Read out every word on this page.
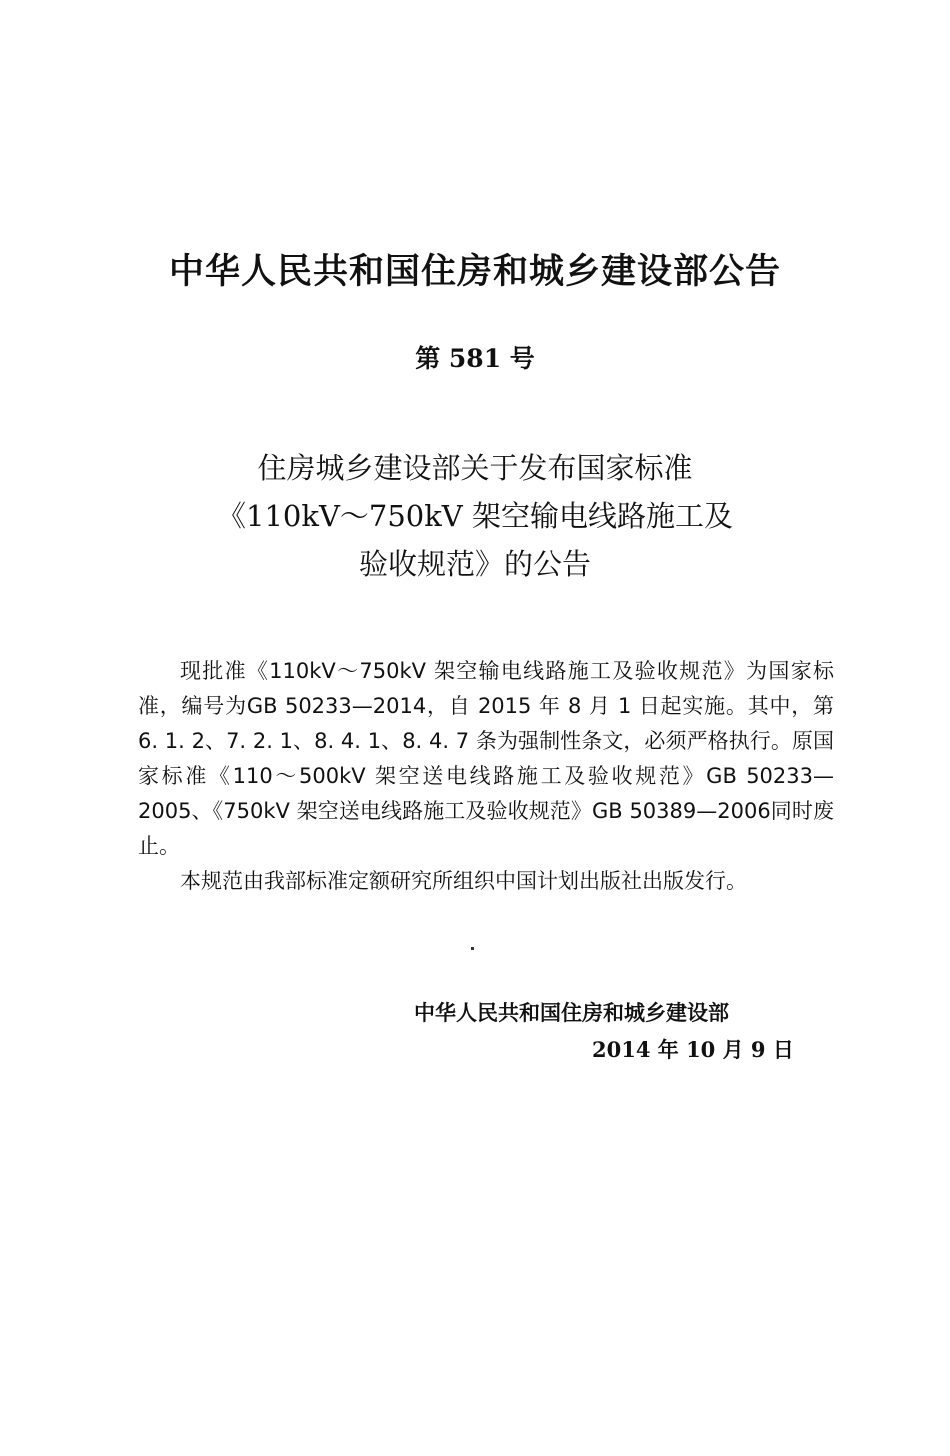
中华人民共和国住房和城乡建设部公告
第 581 号
住房城乡建设部关于发布国家标准
《110kV～750kV 架空输电线路施工及
验收规范》的公告

现批准《110kV～750kV 架空输电线路施工及验收规范》为国家标准，编号为GB 50233—2014，自 2015 年 8 月 1 日起实施。其中，第 6. 1. 2、7. 2. 1、8. 4. 1、8. 4. 7 条为强制性条文，必须严格执行。原国家标准《110～500kV 架空送电线路施工及验收规范》GB 50233—2005、《750kV 架空送电线路施工及验收规范》GB 50389—2006同时废止。

本规范由我部标准定额研究所组织中国计划出版社出版发行。

中华人民共和国住房和城乡建设部
2014 年 10 月 9 日
